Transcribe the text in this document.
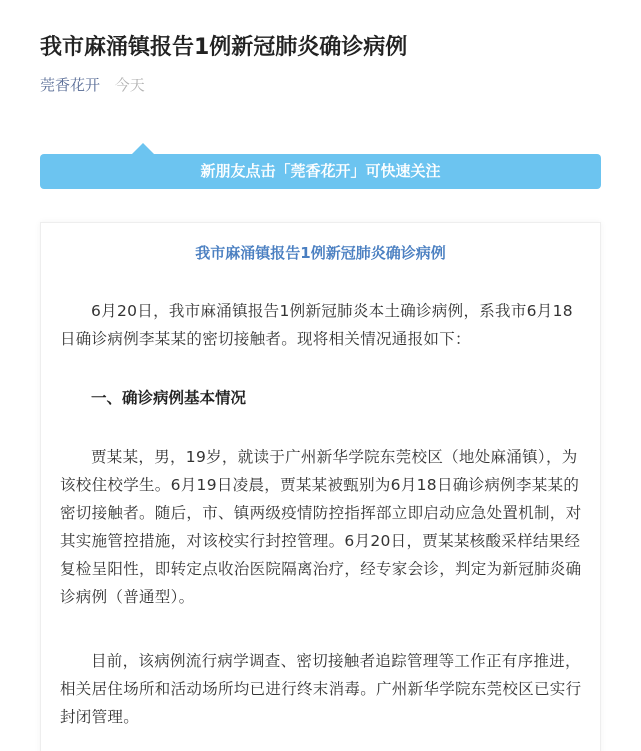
我市麻涌镇报告1例新冠肺炎确诊病例
莞香花开 今天
新朋友点击「莞香花开」可快速关注
我市麻涌镇报告1例新冠肺炎确诊病例

6月20日，我市麻涌镇报告1例新冠肺炎本土确诊病例，系我市6月18日确诊病例李某某的密切接触者。现将相关情况通报如下：

一、确诊病例基本情况

贾某某，男，19岁，就读于广州新华学院东莞校区（地处麻涌镇），为该校住校学生。6月19日凌晨，贾某某被甄别为6月18日确诊病例李某某的密切接触者。随后，市、镇两级疫情防控指挥部立即启动应急处置机制，对其实施管控措施，对该校实行封控管理。6月20日，贾某某核酸采样结果经复检呈阳性，即转定点收治医院隔离治疗，经专家会诊，判定为新冠肺炎确诊病例（普通型）。

目前，该病例流行病学调查、密切接触者追踪管理等工作正有序推进，相关居住场所和活动场所均已进行终末消毒。广州新华学院东莞校区已实行封闭管理。
